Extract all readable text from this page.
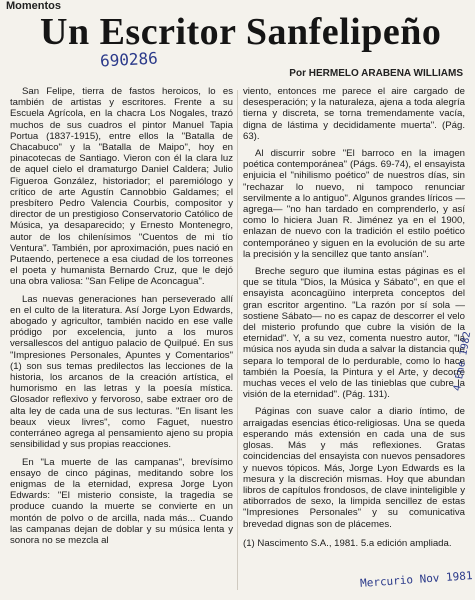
Momentos
Un Escritor Sanfelipeño
690286
Por HERMELO ARABENA WILLIAMS

San Felipe, tierra de fastos heroicos, lo es también de artistas y escritores. Frente a su Escuela Agrícola, en la chacra Los Nogales, trazó muchos de sus cuadros el pintor Manuel Tapia Portua (1837-1915), entre ellos la "Batalla de Chacabuco" y la "Batalla de Maipo", hoy en pinacotecas de Santiago. Vieron con él la clara luz de aquel cielo el dramaturgo Daniel Caldera; Julio Figueroa González, historiador; el paremiólogo y crítico de arte Agustín Cannobbio Galdames; el presbítero Pedro Valencia Courbis, compositor y director de un prestigioso Conservatorio Católico de Música, ya desaparecido; y Ernesto Montenegro, autor de los chilenísimos "Cuentos de mi tío Ventura". También, por aproximación, pues nació en Putaendo, pertenece a esa ciudad de los torreones el poeta y humanista Bernardo Cruz, que le dejó una obra valiosa: "San Felipe de Aconcagua".

Las nuevas generaciones han perseverado allí en el culto de la literatura. Así Jorge Lyon Edwards, abogado y agricultor, también nacido en ese valle pródigo por excelencia, junto a los muros versallescos del antiguo palacio de Quilpué. En sus "Impresiones Personales, Apuntes y Comentarios" (1) son sus temas predilectos las lecciones de la historia, los arcanos de la creación artística, el humorismo en las letras y la poesía mística. Glosador reflexivo y fervoroso, sabe extraer oro de alta ley de cada una de sus lecturas. "En lisant les beaux vieux livres", como Faguet, nuestro conterráneo agrega al pensamiento ajeno su propia sensibilidad y sus propias reacciones.

En "La muerte de las campanas", brevísimo ensayo de cinco páginas, meditando sobre los enigmas de la eternidad, expresa Jorge Lyon Edwards: "El misterio consiste, la tragedia se produce cuando la muerte se convierte en un montón de polvo o de arcilla, nada más... Cuando las campanas dejan de doblar y su música lenta y sonora no se mezcla al

viento, entonces me parece el aire cargado de desesperación; y la naturaleza, ajena a toda alegría tierna y discreta, se torna tremendamente vacía, digna de lástima y decididamente muerta". (Pág. 63).

Al discurrir sobre "El barroco en la imagen poética contemporánea" (Págs. 69-74), el ensayista enjuicia el "nihilismo poético" de nuestros días, sin "rechazar lo nuevo, ni tampoco renunciar servilmente a lo antiguo". Algunos grandes líricos —agrega— "no han tardado en comprenderlo, y así como lo hiciera Juan R. Jiménez ya en el 1900, enlazan de nuevo con la tradición el estilo poético contemporáneo y siguen en la evolución de su arte la precisión y la sencillez que tanto ansían".

Breche seguro que ilumina estas páginas es el que se titula "Dios, la Música y Sábato", en que el ensayista aconcagüino interpreta conceptos del gran escritor argentino. "La razón por sí sola —sostiene Sábato— no es capaz de descorrer el velo del misterio profundo que cubre la visión de la eternidad". Y, a su vez, comenta nuestro autor, "la música nos ayuda sin duda a salvar la distancia que separa lo temporal de lo perdurable, como lo hace también la Poesía, la Pintura y el Arte, y decorre muchas veces el velo de las tinieblas que cubre la visión de la eternidad". (Pág. 131).

Páginas con suave calor a diario íntimo, de arraigadas esencias ético-religiosas. Una se queda esperando más extensión en cada una de sus glosas. Más y más reflexiones. Gratas coincidencias del ensayista con nuevos pensadores y nuevos tópicos. Más, Jorge Lyon Edwards es la mesura y la discreción mismas. Hoy que abundan libros de capítulos frondosos, de clave ininteligible y atiborrados de sexo, la limpida sencillez de estas "Impresiones Personales" y su comunicativa brevedad dignas son de plácemes.

(1) Nascimento S.A., 1981. 5.a edición ampliada.

Mercurio Nov 1981
4 Ene 1982
